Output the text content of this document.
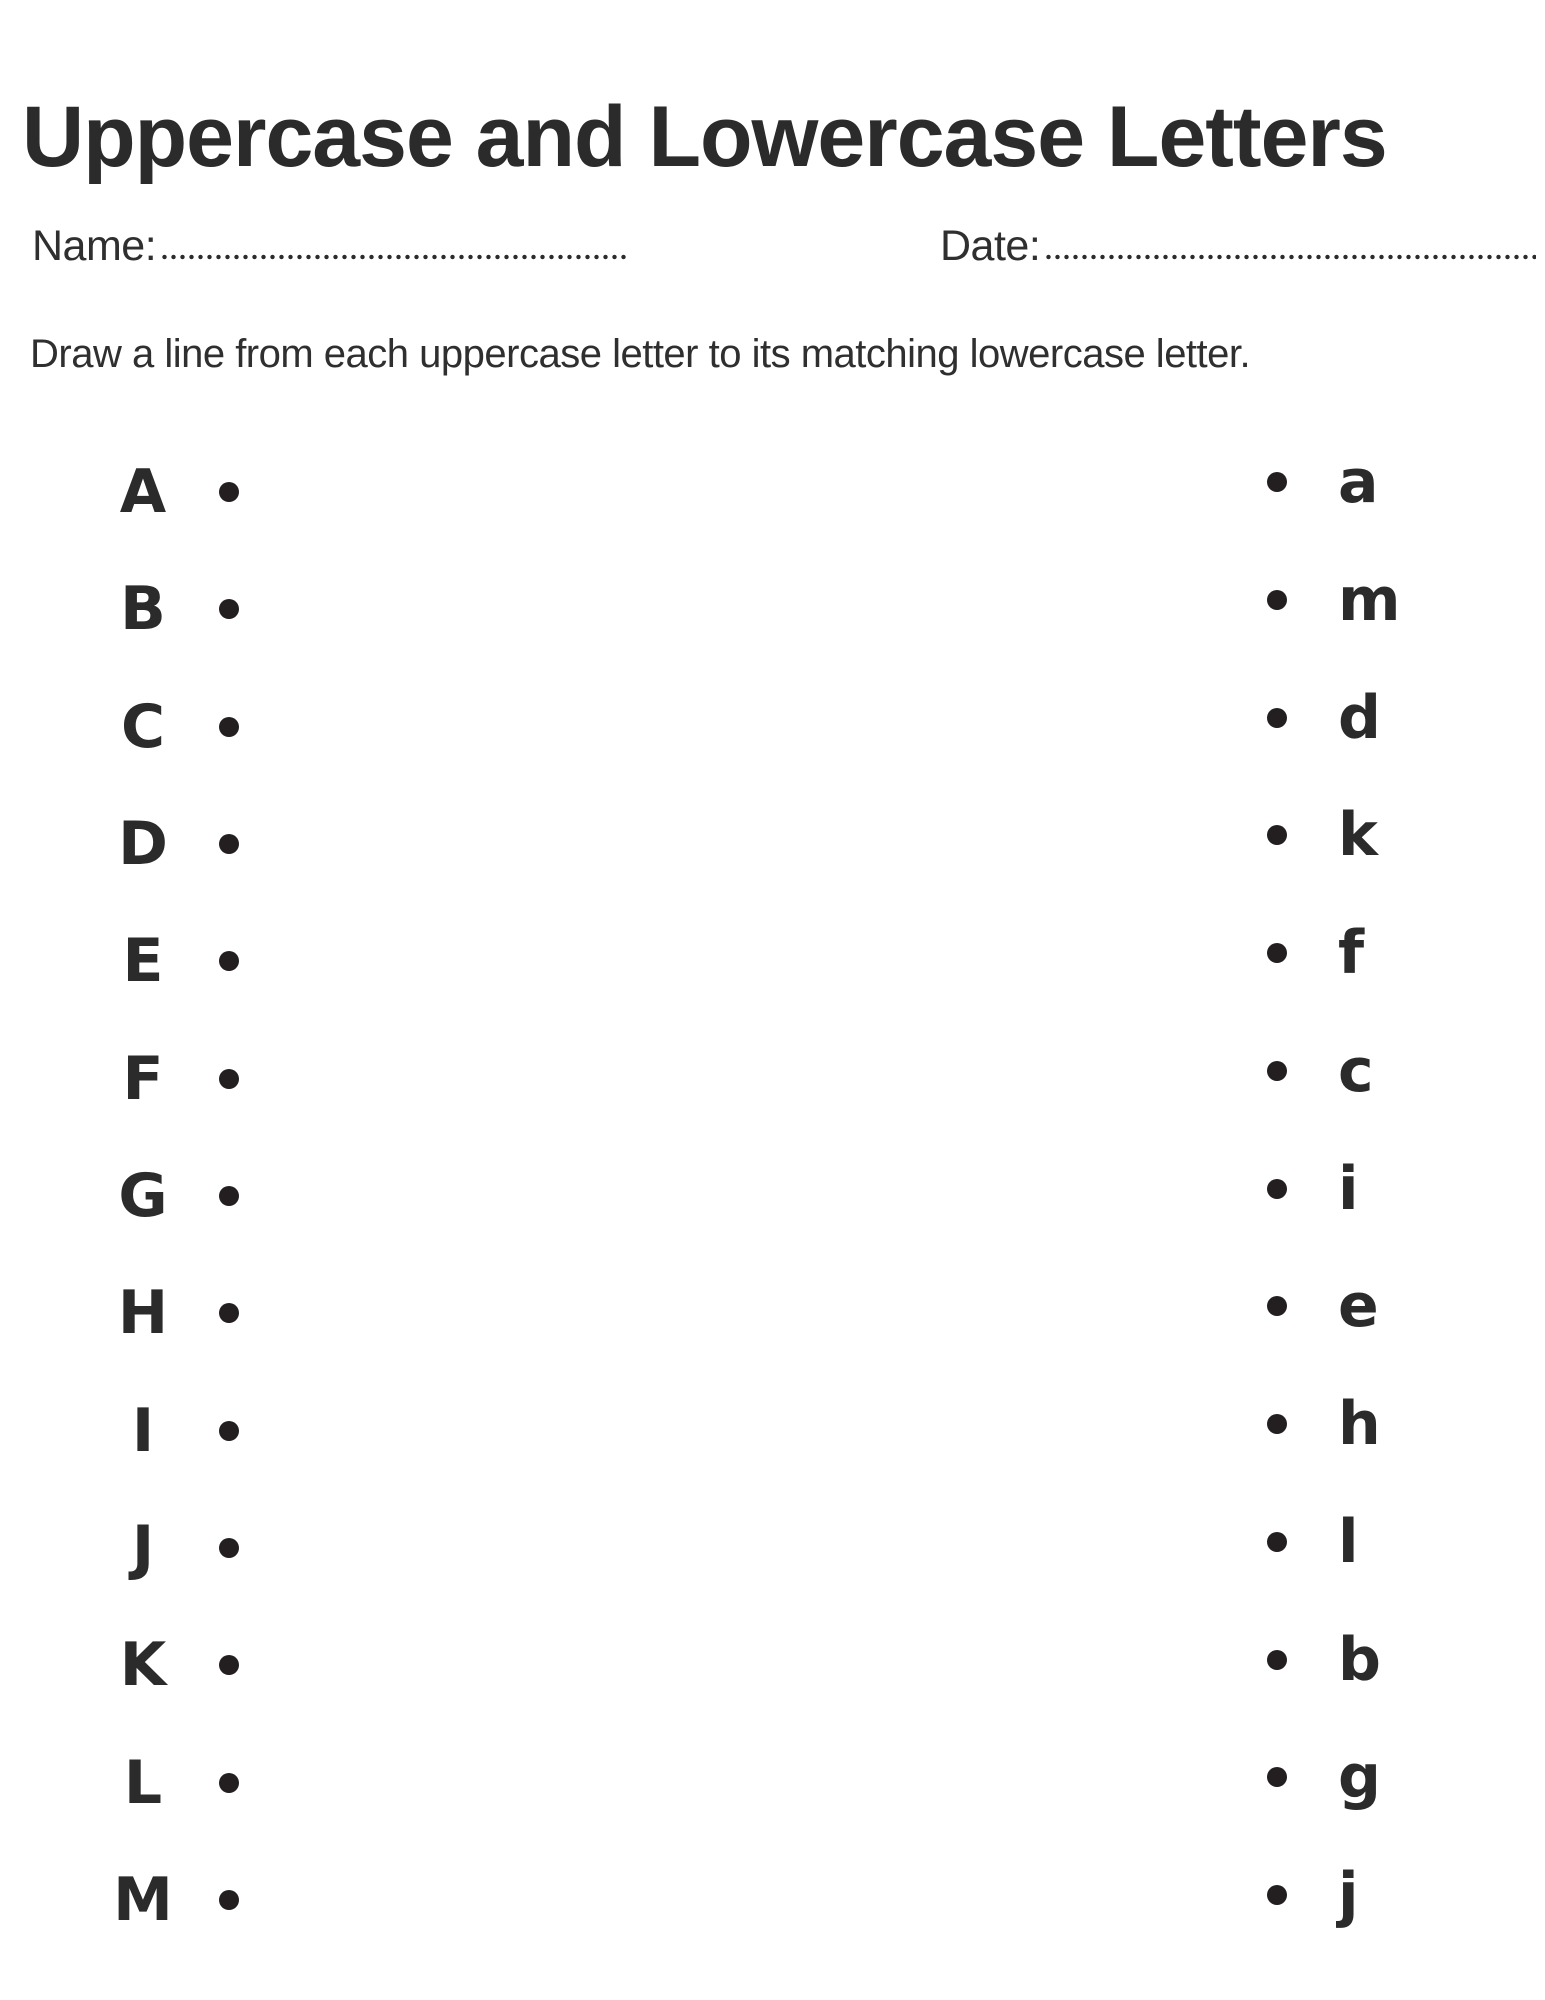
Uppercase and Lowercase Letters
Name:	Date:
Draw a line from each uppercase letter to its matching lowercase letter.
A
B
C
D
E
F
G
H
I
J
K
L
M
a
m
d
k
f
c
i
e
h
l
b
g
j
